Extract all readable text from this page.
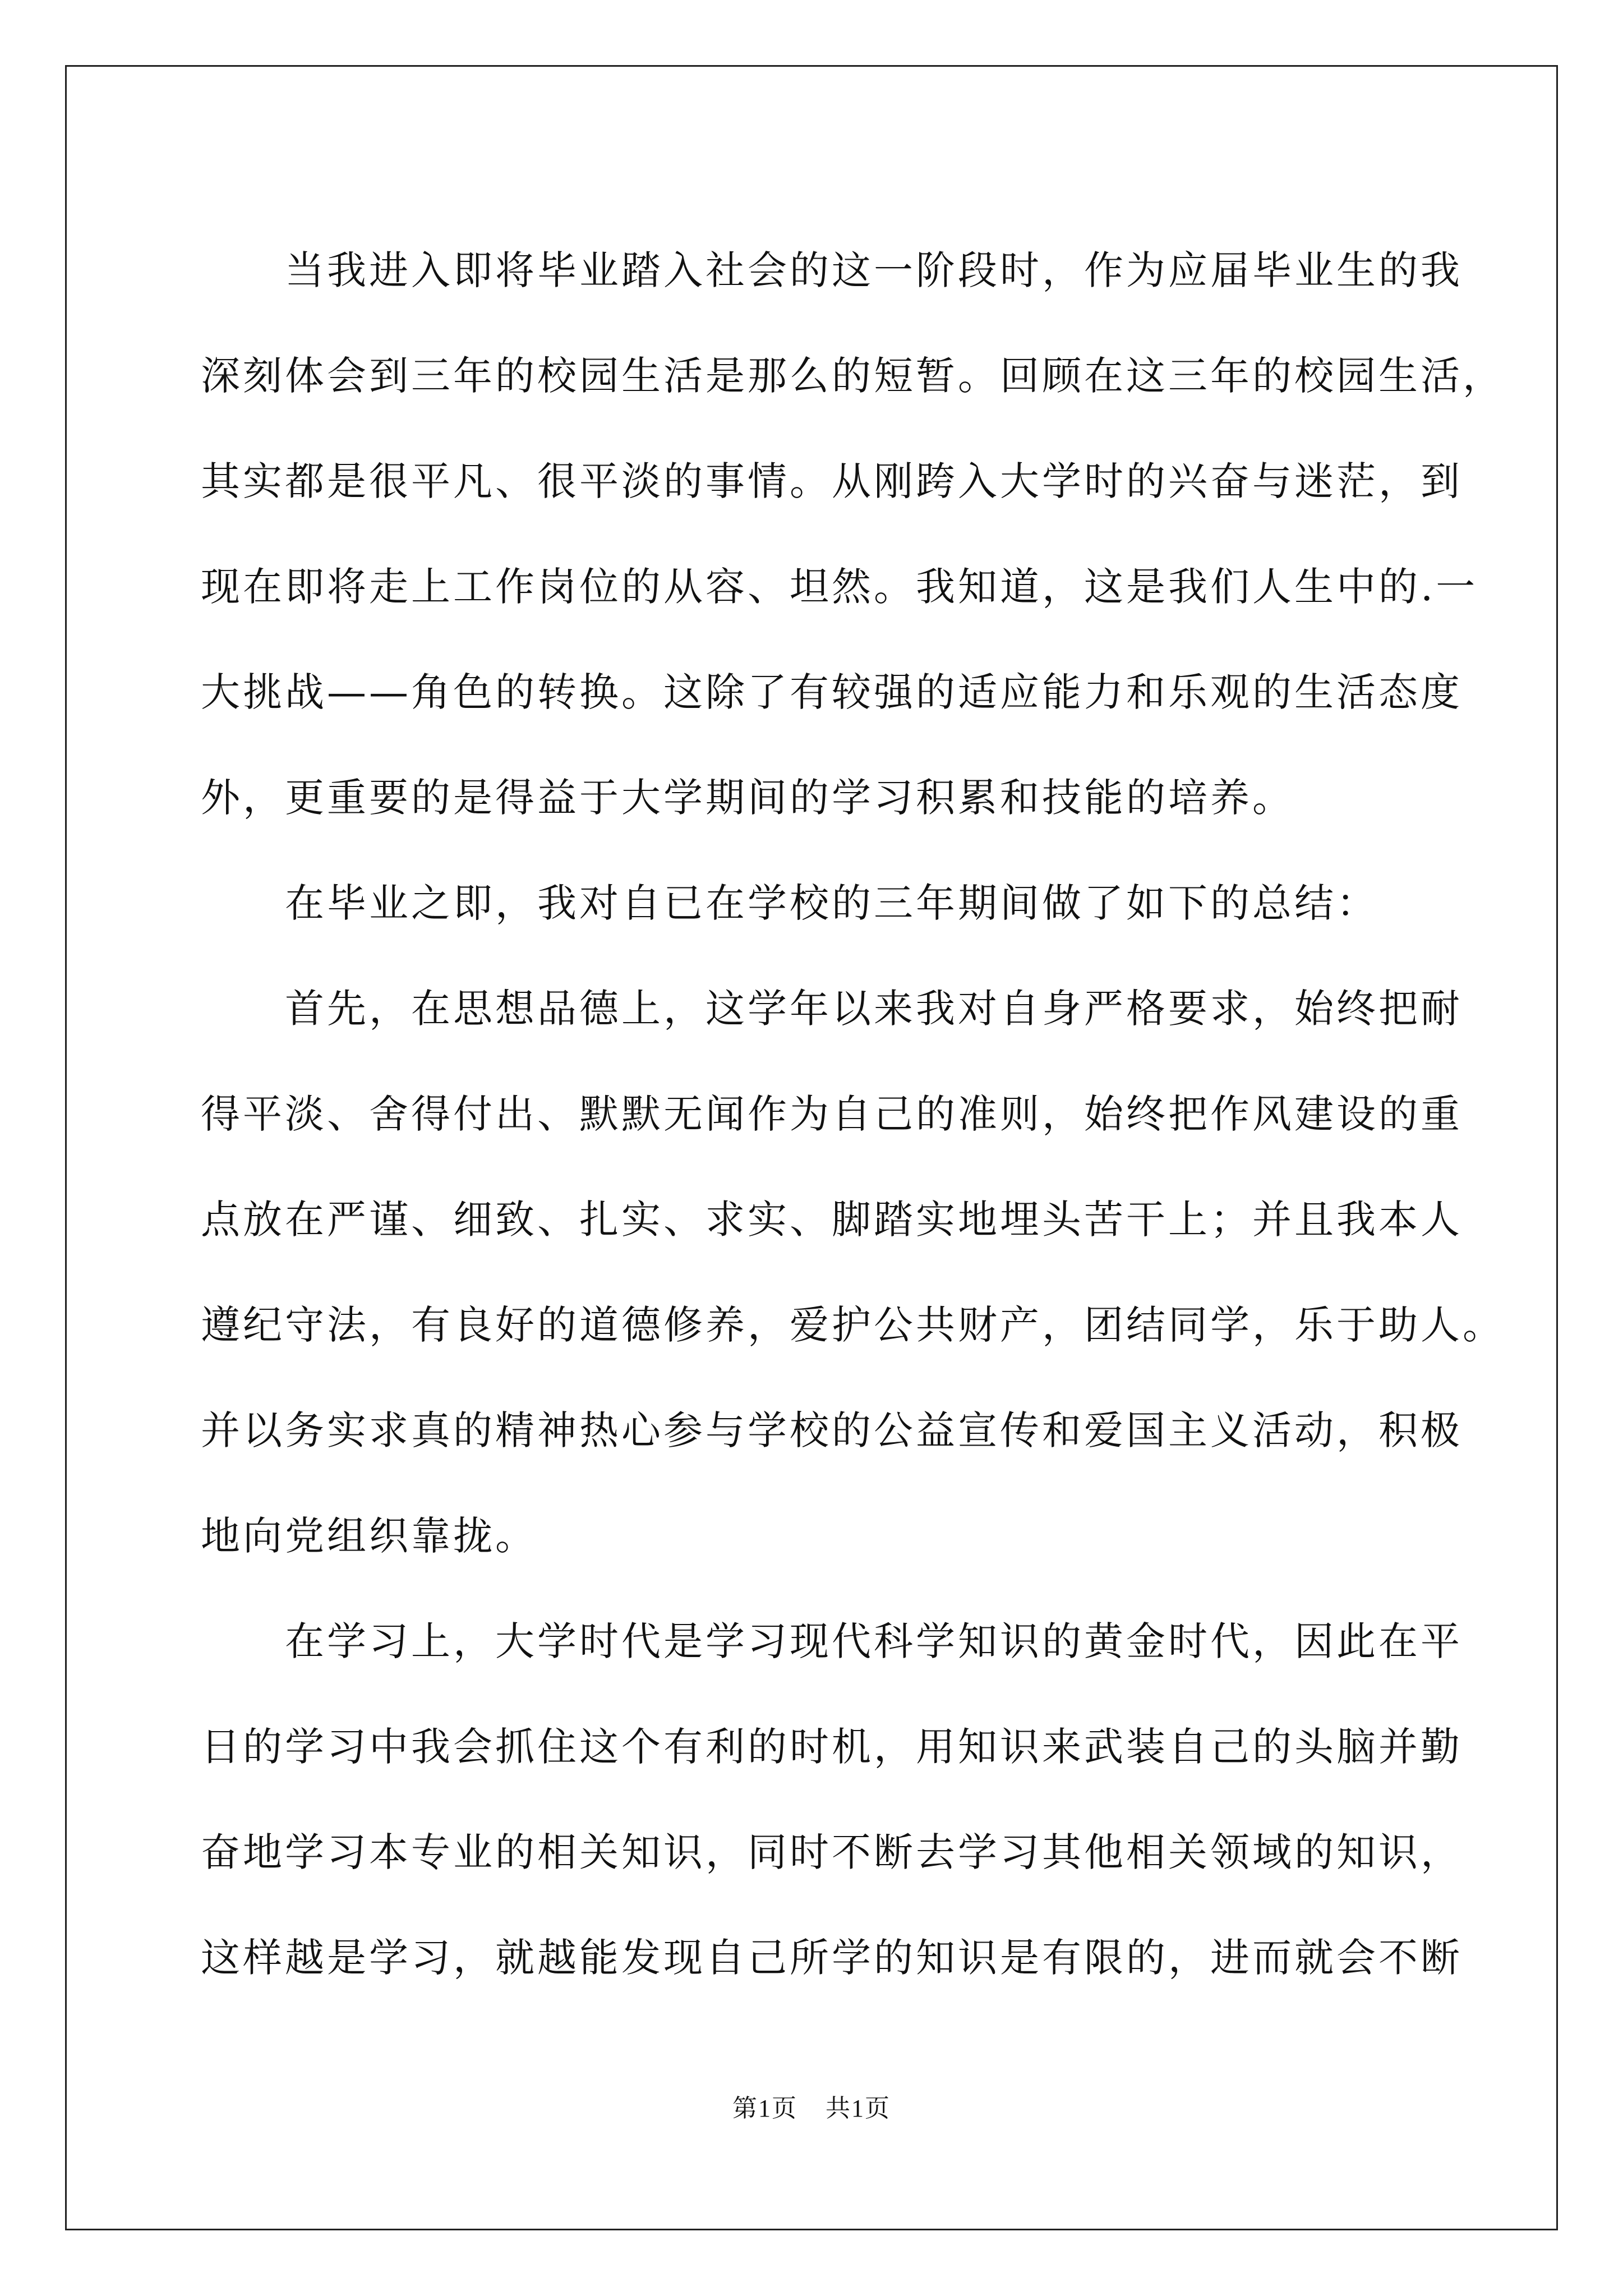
当我进入即将毕业踏入社会的这一阶段时，作为应届毕业生的我
深刻体会到三年的校园生活是那么的短暂。回顾在这三年的校园生活，
其实都是很平凡、很平淡的事情。从刚跨入大学时的兴奋与迷茫，到
现在即将走上工作岗位的从容、坦然。我知道，这是我们人生中的.一
大挑战——角色的转换。这除了有较强的适应能力和乐观的生活态度
外，更重要的是得益于大学期间的学习积累和技能的培养。
在毕业之即，我对自已在学校的三年期间做了如下的总结：
首先，在思想品德上，这学年以来我对自身严格要求，始终把耐
得平淡、舍得付出、默默无闻作为自己的准则，始终把作风建设的重
点放在严谨、细致、扎实、求实、脚踏实地埋头苦干上；并且我本人
遵纪守法，有良好的道德修养，爱护公共财产，团结同学，乐于助人。
并以务实求真的精神热心参与学校的公益宣传和爱国主义活动，积极
地向党组织靠拢。
在学习上，大学时代是学习现代科学知识的黄金时代，因此在平
日的学习中我会抓住这个有利的时机，用知识来武装自己的头脑并勤
奋地学习本专业的相关知识，同时不断去学习其他相关领域的知识，
这样越是学习，就越能发现自己所学的知识是有限的，进而就会不断
第1页 共1页
